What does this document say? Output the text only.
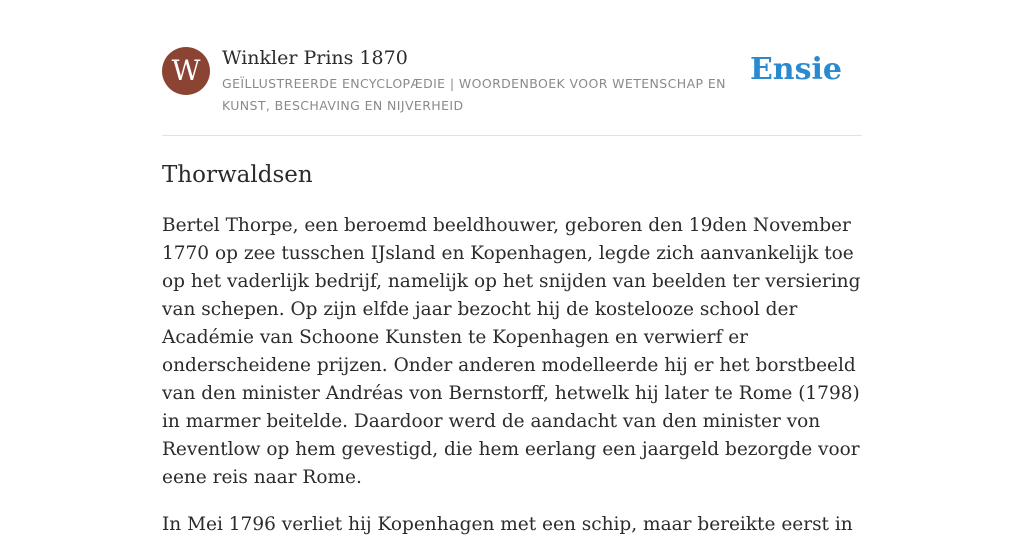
W	Winkler Prins 1870
GEÏLLUSTREERDE ENCYCLOPÆDIE | WOORDENBOEK VOOR WETENSCHAP EN KUNST, BESCHAVING EN NIJVERHEID
Ensie
Thorwaldsen

Bertel Thorpe, een beroemd beeldhouwer, geboren den 19den November 1770 op zee tusschen IJsland en Kopenhagen, legde zich aanvankelijk toe op het vaderlijk bedrijf, namelijk op het snijden van beelden ter versiering van schepen. Op zijn elfde jaar bezocht hij de kostelooze school der Académie van Schoone Kunsten te Kopenhagen en verwierf er onderscheidene prijzen. Onder anderen modelleerde hij er het borstbeeld van den minister Andréas von Bernstorff, hetwelk hij later te Rome (1798) in marmer beitelde. Daardoor werd de aandacht van den minister von Reventlow op hem gevestigd, die hem eerlang een jaargeld bezorgde voor eene reis naar Rome.

In Mei 1796 verliet hij Kopenhagen met een schip, maar bereikte eerst in
